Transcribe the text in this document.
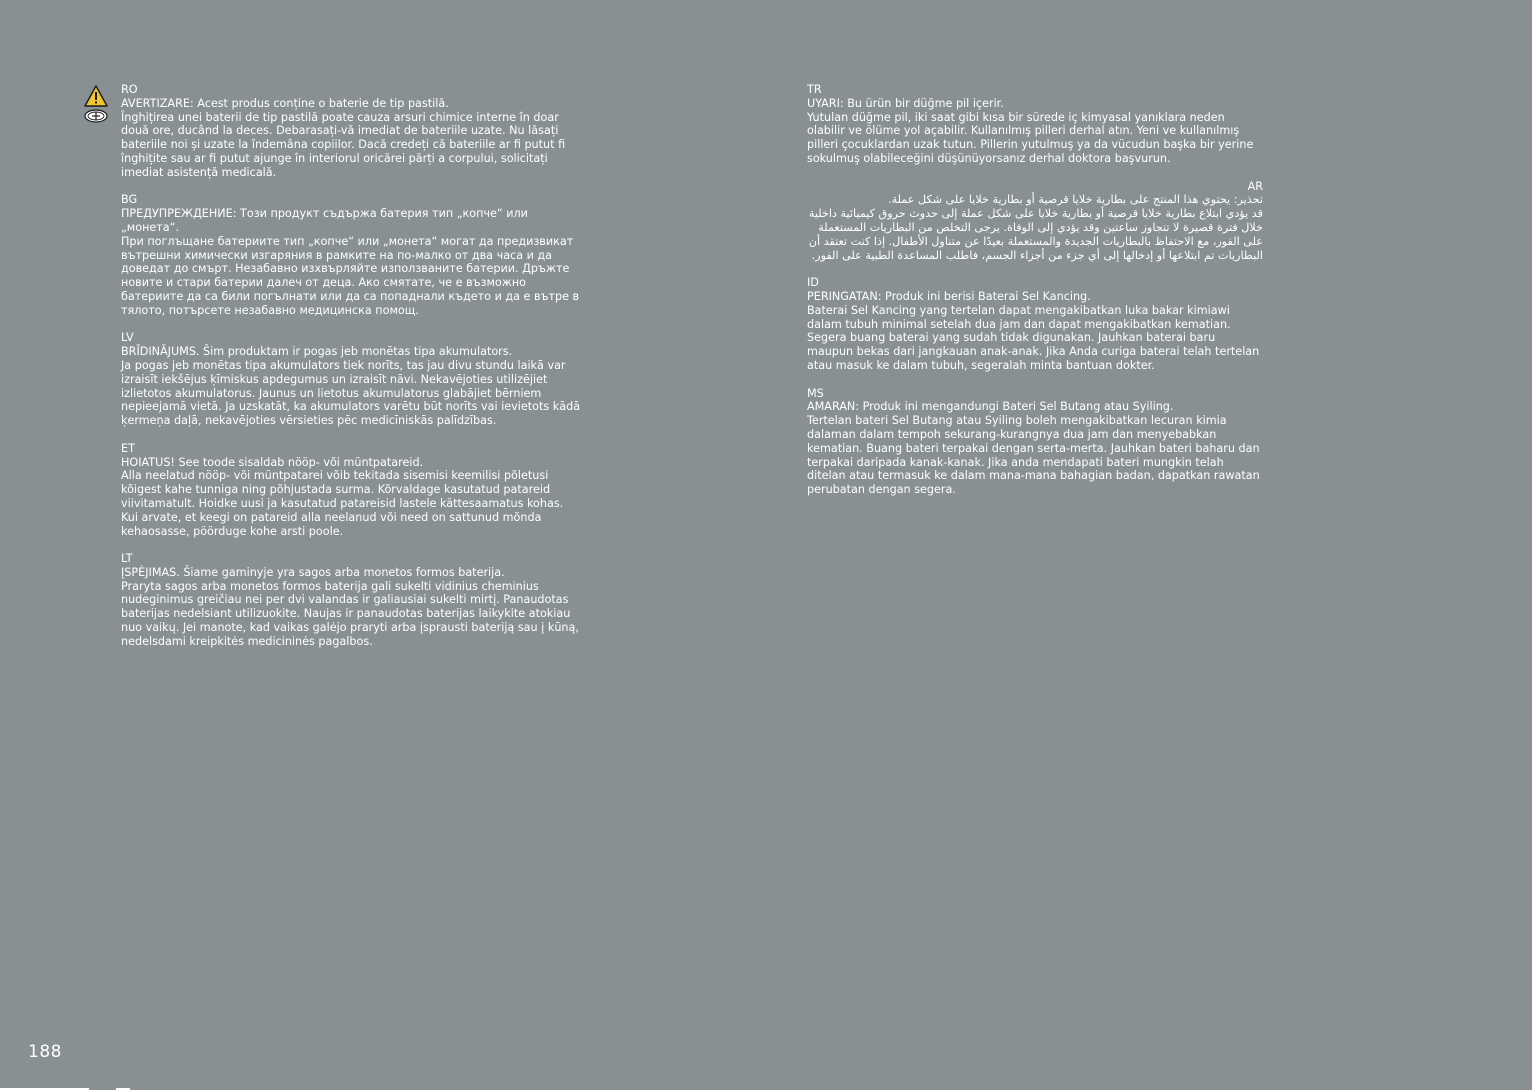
RO

AVERTIZARE: Acest produs conține o baterie de tip pastilă.

Înghițirea unei baterii de tip pastilă poate cauza arsuri chimice interne în doar două ore, ducând la deces. Debarasați-vă imediat de bateriile uzate. Nu lăsați bateriile noi și uzate la îndemâna copiilor. Dacă credeți că bateriile ar fi putut fi înghițite sau ar fi putut ajunge în interiorul oricărei părți a corpului, solicitați imediat asistență medicală.

BG

ПРЕДУПРЕЖДЕНИЕ: Този продукт съдържа батерия тип „копче“ или „монета“.

При поглъщане батериите тип „копче“ или „монета“ могат да предизвикат вътрешни химически изгаряния в рамките на по-малко от два часа и да доведат до смърт. Незабавно изхвърляйте използваните батерии. Дръжте новите и стари батерии далеч от деца. Ако смятате, че е възможно батериите да са били погълнати или да са попаднали където и да е вътре в тялото, потърсете незабавно медицинска помощ.

LV

BRĪDINĀJUMS. Šim produktam ir pogas jeb monētas tipa akumulators.

Ja pogas jeb monētas tipa akumulators tiek norīts, tas jau divu stundu laikā var izraisīt iekšējus ķīmiskus apdegumus un izraisīt nāvi. Nekavējoties utilizējiet izlietotos akumulatorus. Jaunus un lietotus akumulatorus glabājiet bērniem nepieejamā vietā. Ja uzskatāt, ka akumulators varētu būt norīts vai ievietots kādā ķermeņa daļā, nekavējoties vērsieties pēc medicīniskās palīdzības.

ET

HOIATUS! See toode sisaldab nööp- või müntpatareid.

Alla neelatud nööp- või müntpatarei võib tekitada sisemisi keemilisi põletusi kõigest kahe tunniga ning põhjustada surma. Kõrvaldage kasutatud patareid viivitamatult. Hoidke uusi ja kasutatud patareisid lastele kättesaamatus kohas. Kui arvate, et keegi on patareid alla neelanud või need on sattunud mõnda kehaosasse, pöörduge kohe arsti poole.

LT

ĮSPĖJIMAS. Šiame gaminyje yra sagos arba monetos formos baterija.

Praryta sagos arba monetos formos baterija gali sukelti vidinius cheminius nudeginimus greičiau nei per dvi valandas ir galiausiai sukelti mirtį. Panaudotas baterijas nedelsiant utilizuokite. Naujas ir panaudotas baterijas laikykite atokiau nuo vaikų. Jei manote, kad vaikas galėjo praryti arba įsprausti bateriją sau į kūną, nedelsdami kreipkitės medicininės pagalbos.

TR

UYARI: Bu ürün bir düğme pil içerir.

Yutulan düğme pil, iki saat gibi kısa bir sürede iç kimyasal yanıklara neden olabilir ve ölüme yol açabilir. Kullanılmış pilleri derhal atın. Yeni ve kullanılmış pilleri çocuklardan uzak tutun. Pillerin yutulmuş ya da vücudun başka bir yerine sokulmuş olabileceğini düşünüyorsanız derhal doktora başvurun.

AR

تحذير: يحتوي هذا المنتج على بطارية خلايا قرصية أو بطارية خلايا على شكل عملة.

قد يؤدي ابتلاع بطارية خلايا قرصية أو بطارية خلايا على شكل عملة إلى حدوث حروق كيميائية داخلية خلال فترة قصيرة لا تتجاوز ساعتين وقد يؤدي إلى الوفاة. يرجى التخلص من البطاريات المستعملة على الفور، مع الاحتفاظ بالبطاريات الجديدة والمستعملة بعيدًا عن متناول الأطفال. إذا كنت تعتقد أن البطاريات تم ابتلاعها أو إدخالها إلى أي جزء من أجزاء الجسم، فاطلب المساعدة الطبية على الفور.

ID

PERINGATAN: Produk ini berisi Baterai Sel Kancing.

Baterai Sel Kancing yang tertelan dapat mengakibatkan luka bakar kimiawi dalam tubuh minimal setelah dua jam dan dapat mengakibatkan kematian. Segera buang baterai yang sudah tidak digunakan. Jauhkan baterai baru maupun bekas dari jangkauan anak-anak. Jika Anda curiga baterai telah tertelan atau masuk ke dalam tubuh, segeralah minta bantuan dokter.

MS

AMARAN: Produk ini mengandungi Bateri Sel Butang atau Syiling.

Tertelan bateri Sel Butang atau Syiling boleh mengakibatkan lecuran kimia dalaman dalam tempoh sekurang-kurangnya dua jam dan menyebabkan kematian. Buang bateri terpakai dengan serta-merta. Jauhkan bateri baharu dan terpakai daripada kanak-kanak. Jika anda mendapati bateri mungkin telah ditelan atau termasuk ke dalam mana-mana bahagian badan, dapatkan rawatan perubatan dengan segera.

188
